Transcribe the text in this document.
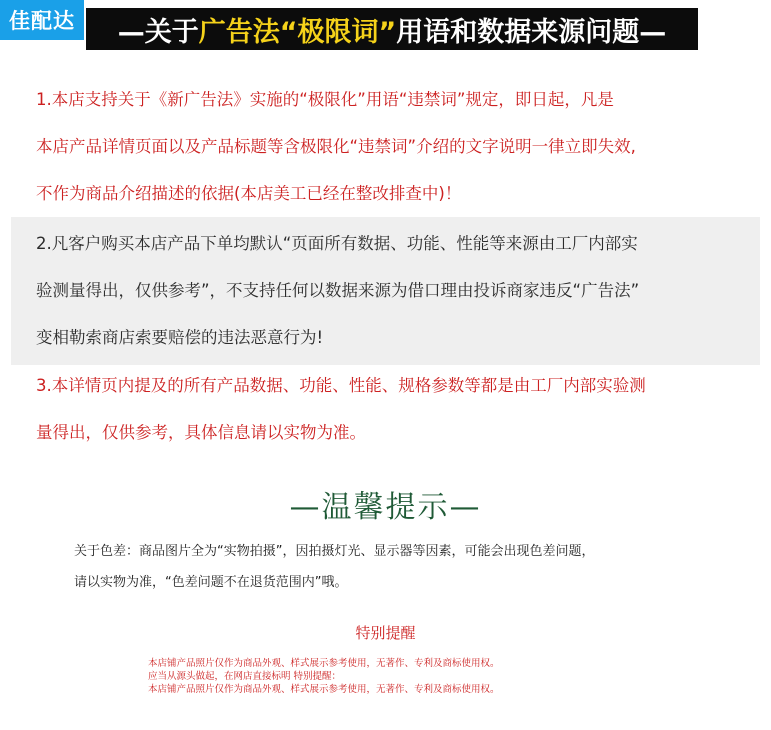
佳配达	—关于 广告法“极限词” 用语和数据来源问题—
1.本店支持关于《新广告法》实施的“极限化”用语“违禁词”规定，即日起，凡是
本店产品详情页面以及产品标题等含极限化“违禁词”介绍的文字说明一律立即失效,
不作为商品介绍描述的依据(本店美工已经在整改排查中)！
2.凡客户购买本店产品下单均默认“页面所有数据、功能、性能等来源由工厂内部实
验测量得出，仅供参考”，不支持任何以数据来源为借口理由投诉商家违反“广告法”
变相勒索商店索要赔偿的违法恶意行为!
3.本详情页内提及的所有产品数据、功能、性能、规格参数等都是由工厂内部实验测
量得出，仅供参考，具体信息请以实物为准。
—温馨提示—
关于色差：商品图片全为“实物拍摄”，因拍摄灯光、显示器等因素，可能会出现色差问题，
请以实物为准，“色差问题不在退货范围内”哦。
特别提醒
本店铺产品照片仅作为商品外观、样式展示参考使用，无著作、专利及商标使用权。
应当从源头做起，在网店直接标明 特别提醒：
本店铺产品照片仅作为商品外观、样式展示参考使用，无著作、专利及商标使用权。
